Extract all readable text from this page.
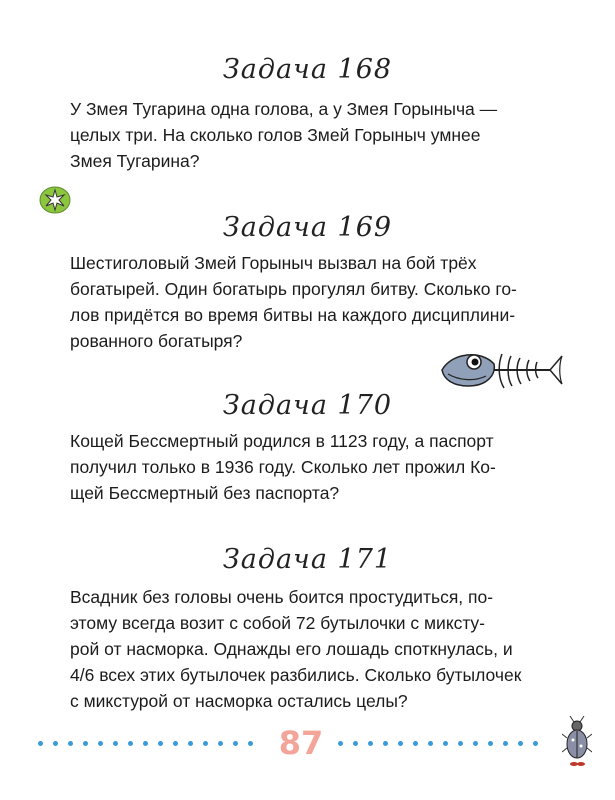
Задача 168

У Змея Тугарина одна голова, а у Змея Горыныча —

целых три. На сколько голов Змей Горыныч умнее

Змея Тугарина?

Задача 169

Шестиголовый Змей Горыныч вызвал на бой трёх

богатырей. Один богатырь прогулял битву. Сколько го-

лов придётся во время битвы на каждого дисциплини-

рованного богатыря?

Задача 170

Кощей Бессмертный родился в 1123 году, а паспорт

получил только в 1936 году. Сколько лет прожил Ко-

щей Бессмертный без паспорта?

Задача 171

Всадник без головы очень боится простудиться, по-

этому всегда возит с собой 72 бутылочки с микстy-

рой от насморка. Однажды его лошадь споткнулась, и

4/6 всех этих бутылочек разбились. Сколько бутылочек

с микстурой от насморка остались целы?

87
